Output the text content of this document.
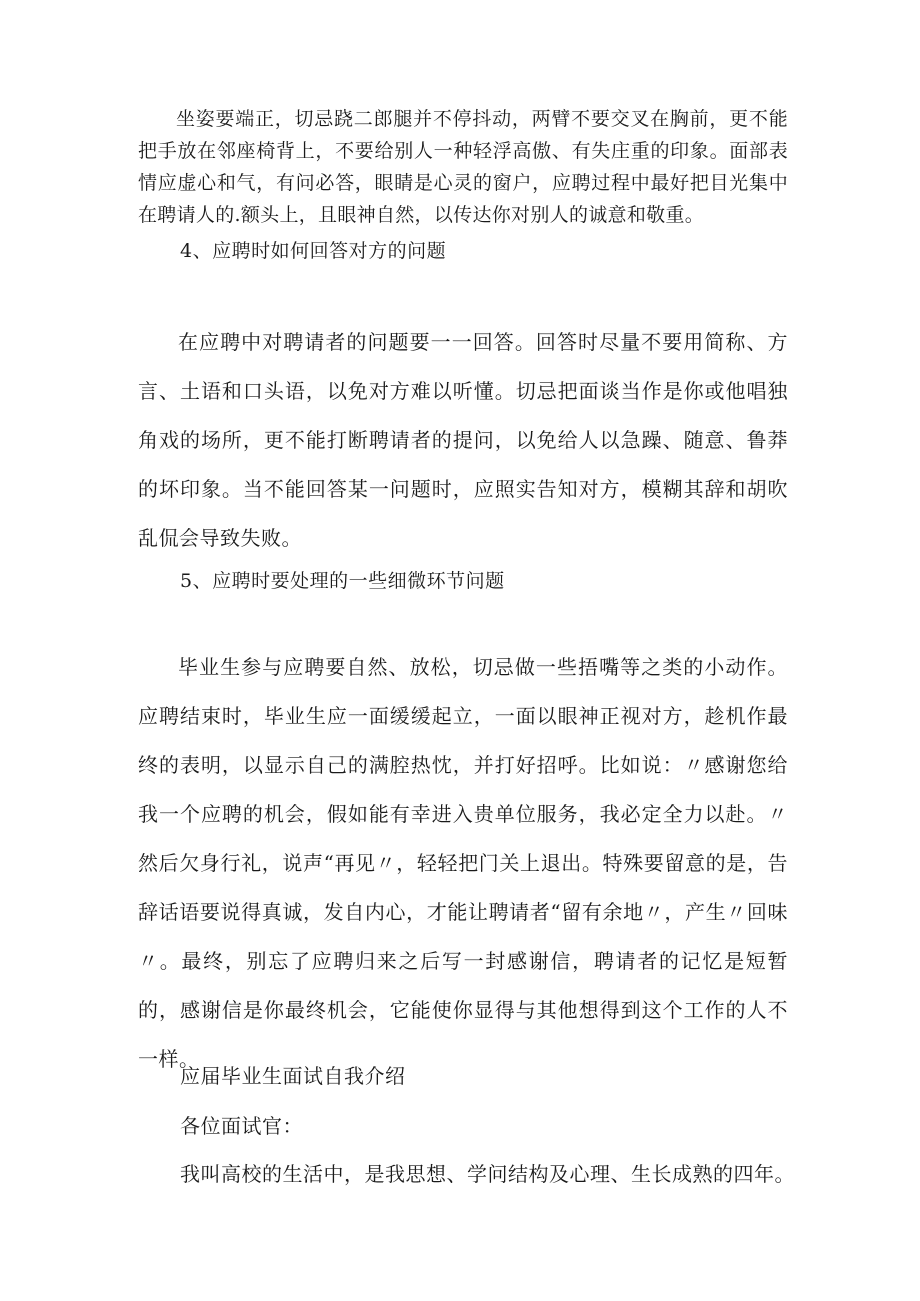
坐姿要端正，切忌跷二郎腿并不停抖动，两臂不要交叉在胸前，更不能把手放在邻座椅背上，不要给别人一种轻浮高傲、有失庄重的印象。面部表情应虚心和气，有问必答，眼睛是心灵的窗户，应聘过程中最好把目光集中在聘请人的.额头上，且眼神自然，以传达你对别人的诚意和敬重。

4、应聘时如何回答对方的问题

在应聘中对聘请者的问题要一一回答。回答时尽量不要用简称、方言、土语和口头语，以免对方难以听懂。切忌把面谈当作是你或他唱独角戏的场所，更不能打断聘请者的提问，以免给人以急躁、随意、鲁莽的坏印象。当不能回答某一问题时，应照实告知对方，模糊其辞和胡吹乱侃会导致失败。

5、应聘时要处理的一些细微环节问题

毕业生参与应聘要自然、放松，切忌做一些捂嘴等之类的小动作。应聘结束时，毕业生应一面缓缓起立，一面以眼神正视对方，趁机作最终的表明，以显示自己的满腔热忱，并打好招呼。比如说：〃感谢您给我一个应聘的机会，假如能有幸进入贵单位服务，我必定全力以赴。〃然后欠身行礼，说声“再见〃，轻轻把门关上退出。特殊要留意的是，告辞话语要说得真诚，发自内心，才能让聘请者“留有余地〃，产生〃回味〃。最终，别忘了应聘归来之后写一封感谢信，聘请者的记忆是短暂的，感谢信是你最终机会，它能使你显得与其他想得到这个工作的人不一样。

应届毕业生面试自我介绍

各位面试官：

我叫高校的生活中，是我思想、学问结构及心理、生长成熟的四年。
